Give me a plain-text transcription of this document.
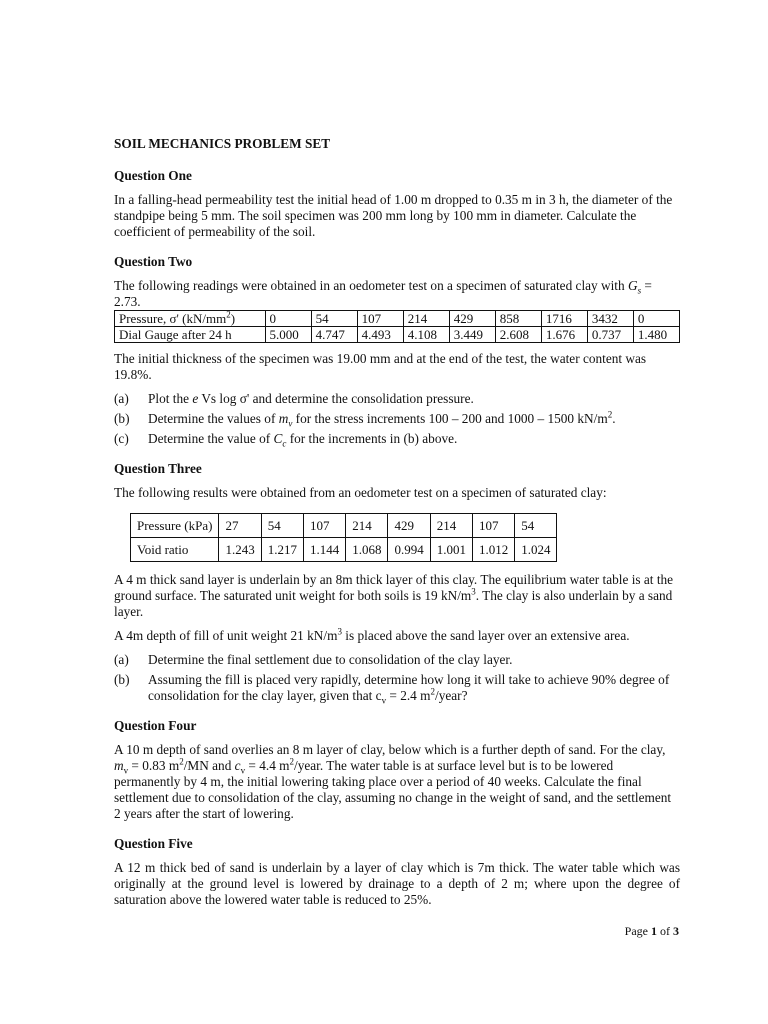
SOIL MECHANICS PROBLEM SET
Question One

In a falling-head permeability test the initial head of 1.00 m dropped to 0.35 m in 3 h, the diameter of the standpipe being 5 mm. The soil specimen was 200 mm long by 100 mm in diameter. Calculate the coefficient of permeability of the soil.

Question Two

The following readings were obtained in an oedometer test on a specimen of saturated clay with $G_s = 2.73$.

Pressure, σ' $(kN/mm^2)$	0	54	107	214	429	858	1716	3432	0
Dial Gauge after 24 h	5.000	4.747	4.493	4.108	3.449	2.608	1.676	0.737	1.480

The initial thickness of the specimen was 19.00 mm and at the end of the test, the water content was 19.8%.

(a)	Plot the e Vs log σ' and determine the consolidation pressure.
(b)	Determine the values of $m_v$ for the stress increments 100 – 200 and 1000 – 1500 $kN/m^2$.
(c)	Determine the value of $C_c$ for the increments in (b) above.
Question Three

The following results were obtained from an oedometer test on a specimen of saturated clay:

Pressure (kPa)	27	54	107	214	429	214	107	54
Void ratio	1.243	1.217	1.144	1.068	0.994	1.001	1.012	1.024

A 4 m thick sand layer is underlain by an 8m thick layer of this clay. The equilibrium water table is at the ground surface. The saturated unit weight for both soils is 19 $kN/m^3$. The clay is also underlain by a sand layer.

A 4m depth of fill of unit weight 21 $kN/m^3$ is placed above the sand layer over an extensive area.

(a)	Determine the final settlement due to consolidation of the clay layer.
(b)	Assuming the fill is placed very rapidly, determine how long it will take to achieve 90% degree of consolidation for the clay layer, given that $c_v = 2.4$ $m^2$/year?
Question Four

A 10 m depth of sand overlies an 8 m layer of clay, below which is a further depth of sand. For the clay, $m_v = 0.83$ $m^2/MN$ and $c_v = 4.4$ $m^2$/year. The water table is at surface level but is to be lowered permanently by 4 m, the initial lowering taking place over a period of 40 weeks. Calculate the final settlement due to consolidation of the clay, assuming no change in the weight of sand, and the settlement 2 years after the start of lowering.

Question Five

A 12 m thick bed of sand is underlain by a layer of clay which is 7m thick. The water table which was originally at the ground level is lowered by drainage to a depth of 2 m; where upon the degree of saturation above the lowered water table is reduced to 25%.

Page 1 of 3
